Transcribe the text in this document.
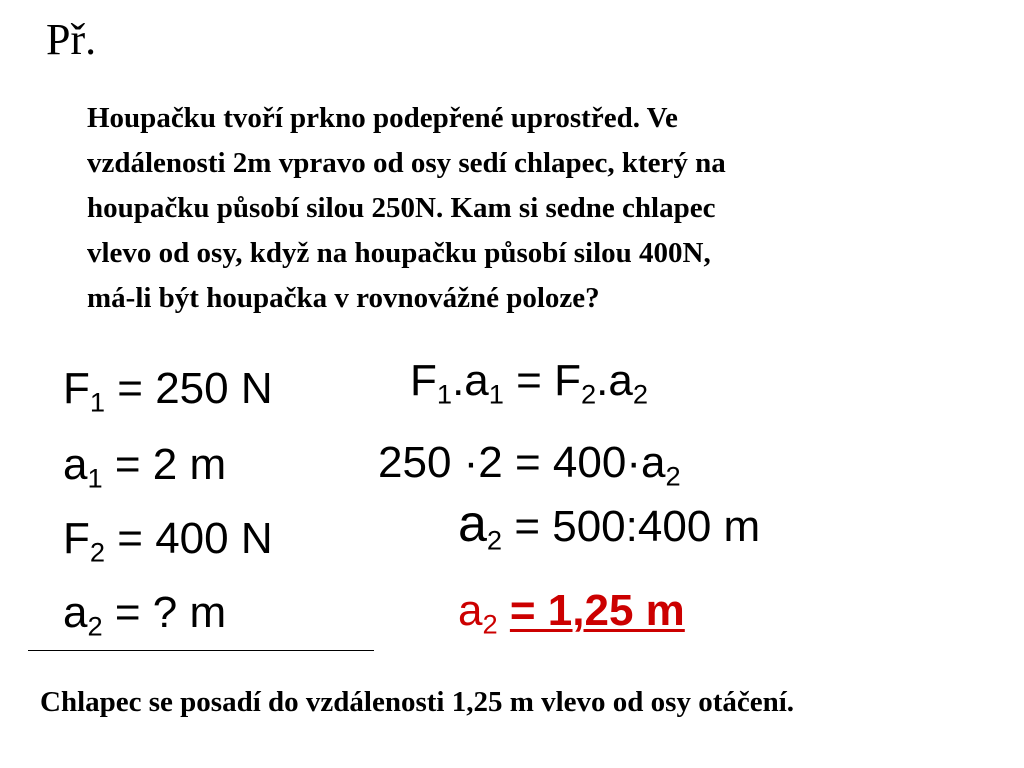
Př.
Houpačku tvoří prkno podepřené uprostřed. Ve
vzdálenosti 2m vpravo od osy sedí chlapec, který na
houpačku působí silou 250N. Kam si sedne chlapec
vlevo od osy, když na houpačku působí silou 400N,
má-li být houpačka v rovnovážné poloze?
$F_1 = 250$ N
$a_1 = 2$ m
$F_2 = 400$ N
$a_2$ = ? m
$F_1.a_1 = F_2.a_2$
$250 \cdot 2 = 400\cdot a_2$
$a_2$ = 500:400 m
$a_2 = 1,25$ m
Chlapec se posadí do vzdálenosti 1,25 m vlevo od osy otáčení.
